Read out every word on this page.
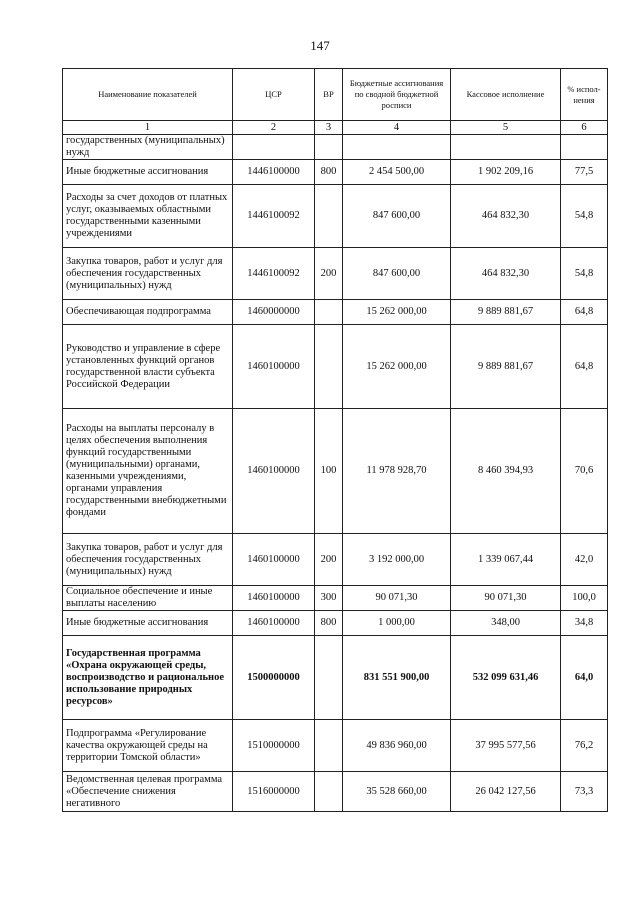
147
Наименование показателей	ЦСР	ВР	Бюджетные ассигнования по сводной бюджетной росписи	Кассовое исполнение	% испол-нения
1	2	3	4	5	6
государственных (муниципальных) нужд					
Иные бюджетные ассигнования	1446100000	800	2 454 500,00	1 902 209,16	77,5
Расходы за счет доходов от платных услуг, оказываемых областными государственными казенными учреждениями	1446100092		847 600,00	464 832,30	54,8
Закупка товаров, работ и услуг для обеспечения государственных (муниципальных) нужд	1446100092	200	847 600,00	464 832,30	54,8
Обеспечивающая подпрограмма	1460000000		15 262 000,00	9 889 881,67	64,8
Руководство и управление в сфере установленных функций органов государственной власти субъекта Российской Федерации	1460100000		15 262 000,00	9 889 881,67	64,8
Расходы на выплаты персоналу в целях обеспечения выполнения функций государственными (муниципальными) органами, казенными учреждениями, органами управления государственными внебюджетными фондами	1460100000	100	11 978 928,70	8 460 394,93	70,6
Закупка товаров, работ и услуг для обеспечения государственных (муниципальных) нужд	1460100000	200	3 192 000,00	1 339 067,44	42,0
Социальное обеспечение и иные выплаты населению	1460100000	300	90 071,30	90 071,30	100,0
Иные бюджетные ассигнования	1460100000	800	1 000,00	348,00	34,8
Государственная программа «Охрана окружающей среды, воспроизводство и рациональное использование природных ресурсов»	1500000000		831 551 900,00	532 099 631,46	64,0
Подпрограмма «Регулирование качества окружающей среды на территории Томской области»	1510000000		49 836 960,00	37 995 577,56	76,2
Ведомственная целевая программа «Обеспечение снижения негативного	1516000000		35 528 660,00	26 042 127,56	73,3
